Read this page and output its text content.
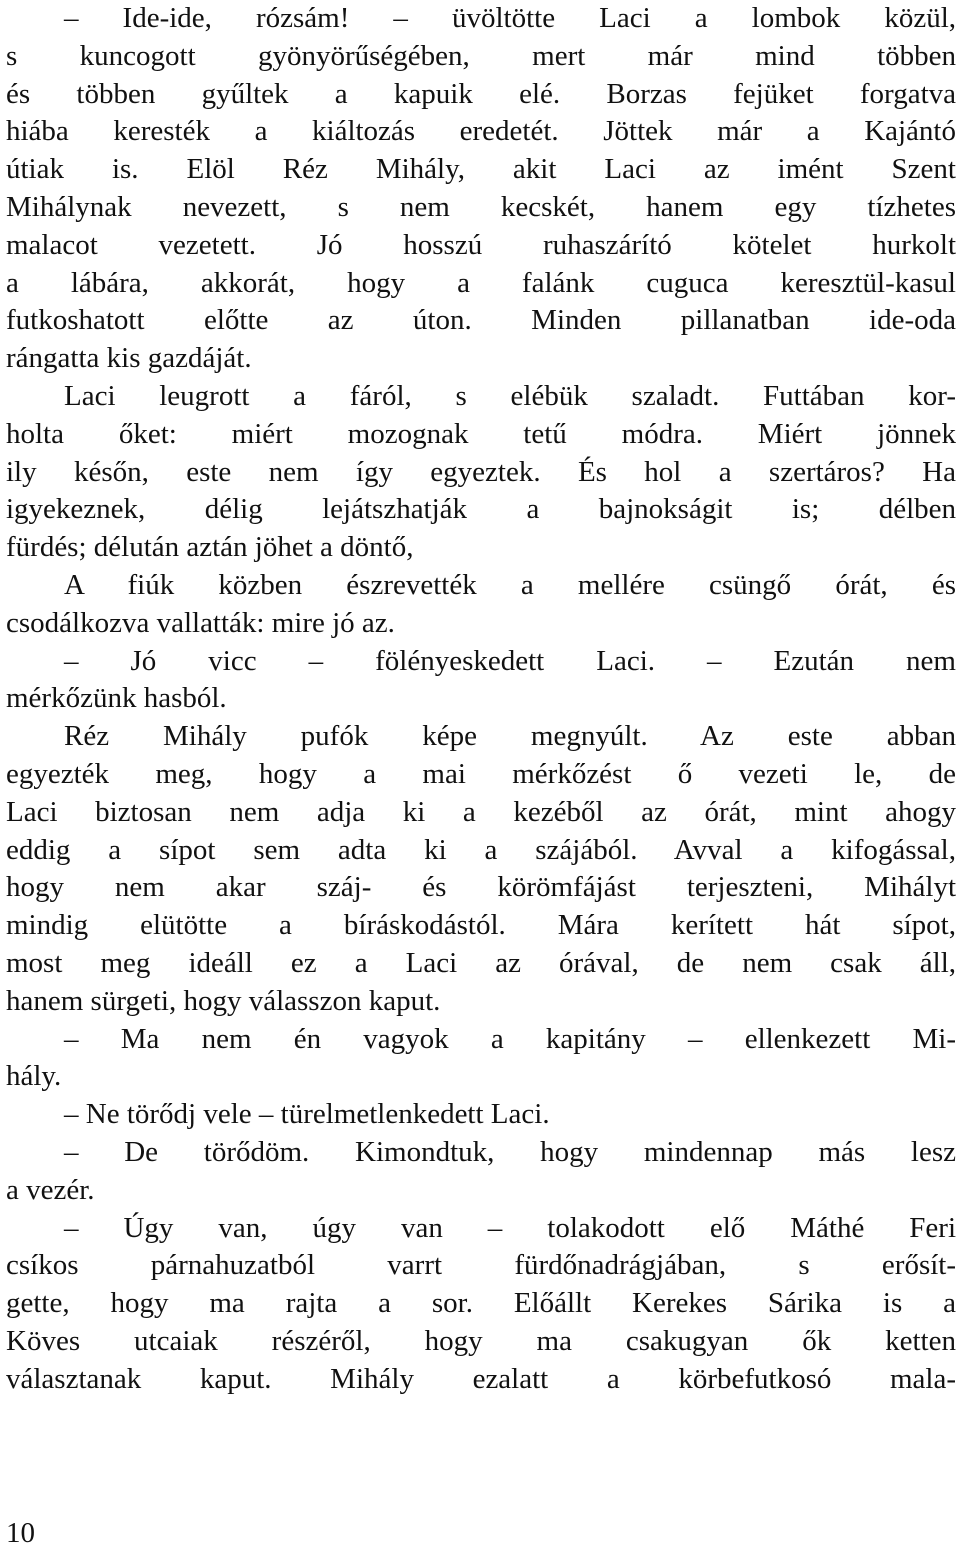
– Ide-ide, rózsám! – üvöltötte Laci a lombok közül,
s kuncogott gyönyörűségében, mert már mind többen
és többen gyűltek a kapuik elé. Borzas fejüket forgatva
hiába keresték a kiáltozás eredetét. Jöttek már a Kajántó
útiak is. Elöl Réz Mihály, akit Laci az imént Szent
Mihálynak nevezett, s nem kecskét, hanem egy tízhetes
malacot vezetett. Jó hosszú ruhaszárító kötelet hurkolt
a lábára, akkorát, hogy a falánk cuguca keresztül-kasul
futkoshatott előtte az úton. Minden pillanatban ide-oda
rángatta kis gazdáját.
Laci leugrott a fáról, s elébük szaladt. Futtában kor-
holta őket: miért mozognak tetű módra. Miért jönnek
ily későn, este nem így egyeztek. És hol a szertáros? Ha
igyekeznek, délig lejátszhatják a bajnokságit is; délben
fürdés; délután aztán jöhet a döntő,
A fiúk közben észrevették a mellére csüngő órát, és
csodálkozva vallatták: mire jó az.
– Jó vicc – fölényeskedett Laci. – Ezután nem
mérkőzünk hasból.
Réz Mihály pufók képe megnyúlt. Az este abban
egyezték meg, hogy a mai mérkőzést ő vezeti le, de
Laci biztosan nem adja ki a kezéből az órát, mint ahogy
eddig a sípot sem adta ki a szájából. Avval a kifogással,
hogy nem akar száj- és körömfájást terjeszteni, Mihályt
mindig elütötte a bíráskodástól. Mára kerített hát sípot,
most meg ideáll ez a Laci az órával, de nem csak áll,
hanem sürgeti, hogy válasszon kaput.
– Ma nem én vagyok a kapitány – ellenkezett Mi-
hály.
– Ne törődj vele – türelmetlenkedett Laci.
– De törődöm. Kimondtuk, hogy mindennap más lesz
a vezér.
– Úgy van, úgy van – tolakodott elő Máthé Feri
csíkos párnahuzatból varrt fürdőnadrágjában, s erősít-
gette, hogy ma rajta a sor. Előállt Kerekes Sárika is a
Köves utcaiak részéről, hogy ma csakugyan ők ketten
választanak kaput. Mihály ezalatt a körbefutkosó mala-
10
